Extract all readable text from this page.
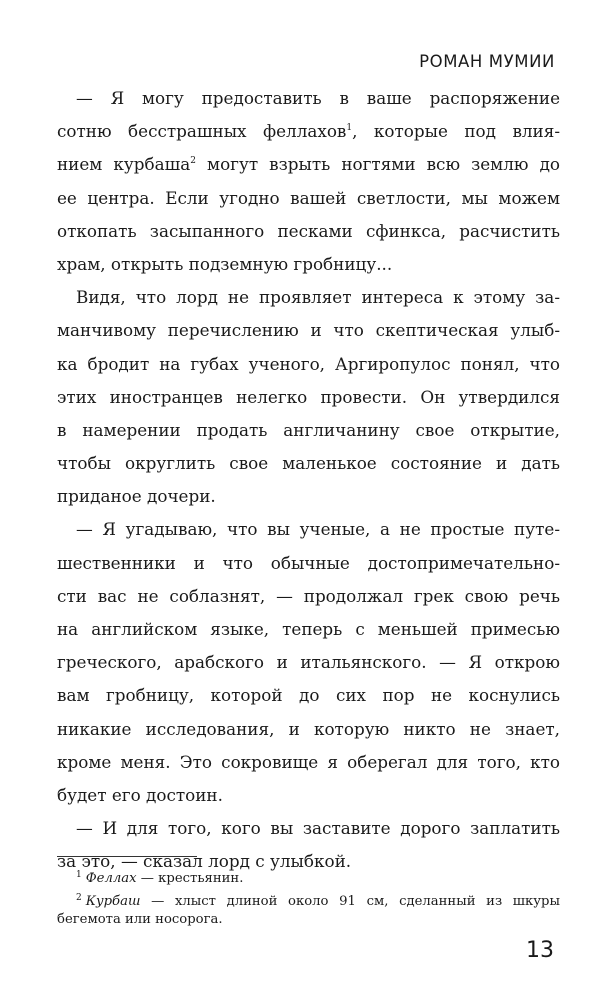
РОМАН МУМИИ
— Я могу предоставить в ваше распоряжение
сотню бесстрашных феллахов$^1$, которые под влия-
нием курбаша$^2$ могут взрыть ногтями всю землю до
ее центра. Если угодно вашей светлости, мы можем
откопать засыпанного песками сфинкса, расчистить
храм, открыть подземную гробницу...
Видя, что лорд не проявляет интереса к этому за-
манчивому перечислению и что скептическая улыб-
ка бродит на губах ученого, Аргиропулос понял, что
этих иностранцев нелегко провести. Он утвердился
в намерении продать англичанину свое открытие,
чтобы округлить свое маленькое состояние и дать
приданое дочери.
— Я угадываю, что вы ученые, а не простые путе-
шественники и что обычные достопримечательно-
сти вас не соблазнят, — продолжал грек свою речь
на английском языке, теперь с меньшей примесью
греческого, арабского и итальянского. — Я открою
вам гробницу, которой до сих пор не коснулись
никакие исследования, и которую никто не знает,
кроме меня. Это сокровище я оберегал для того, кто
будет его достоин.
— И для того, кого вы заставите дорого заплатить
за это, — сказал лорд с улыбкой.
$^1$ Феллах — крестьянин.
$^2$ Курбаш — хлыст длиной около 91 см, сделанный из шкуры
бегемота или носорога.
13
